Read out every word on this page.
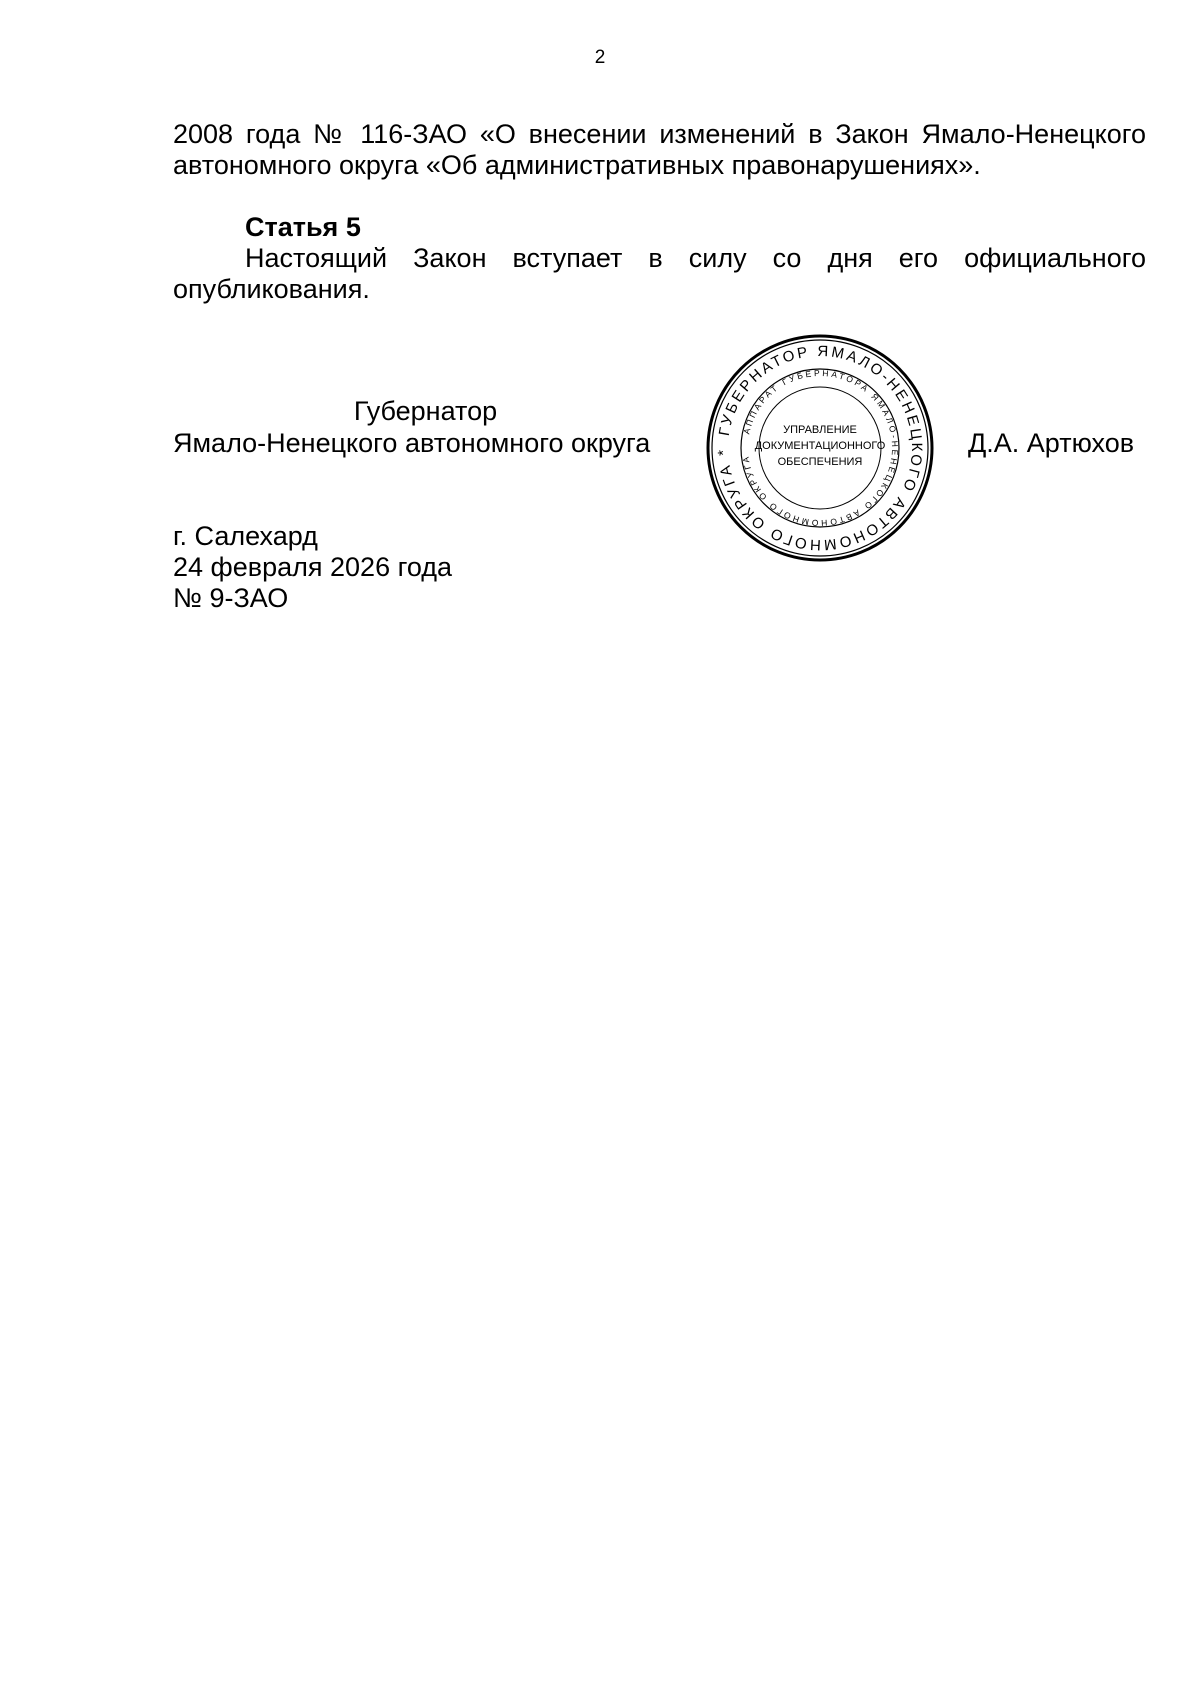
2

2008 года № 116-ЗАО «О внесении изменений в Закон Ямало-Ненецкого автономного округа «Об административных правонарушениях».

Статья 5

Настоящий Закон вступает в силу со дня его официального опубликования.

Губернатор
Ямало-Ненецкого автономного округа	Д.А. Артюхов
ГУБЕРНАТОР ЯМАЛО-НЕНЕЦКОГО АВТОНОМНОГО ОКРУГА *
АППАРАТ ГУБЕРНАТОРА ЯМАЛО-НЕНЕЦКОГО АВТОНОМНОГО ОКРУГА
УПРАВЛЕНИЕ
ДОКУМЕНТАЦИОННОГО
ОБЕСПЕЧЕНИЯ
г. Салехард
24 февраля 2026 года
№ 9-ЗАО
